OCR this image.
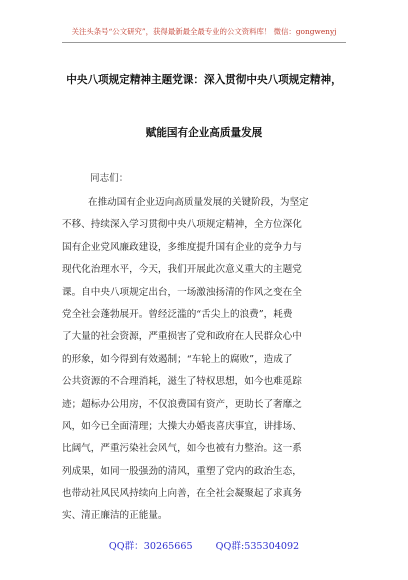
关注头条号“公文研究”，获得最新最全最专业的公文资料库！ 微信：gongwenyj
中央八项规定精神主题党课：深入贯彻中央八项规定精神，
赋能国有企业高质量发展
同志们：
在推动国有企业迈向高质量发展的关键阶段，为坚定
不移、持续深入学习贯彻中央八项规定精神，全方位深化
国有企业党风廉政建设，多维度提升国有企业的竞争力与
现代化治理水平，今天，我们开展此次意义重大的主题党
课。自中央八项规定出台，一场激浊扬清的作风之变在全
党全社会蓬勃展开。曾经泛滥的“舌尖上的浪费”，耗费
了大量的社会资源，严重损害了党和政府在人民群众心中
的形象，如今得到有效遏制；“车轮上的腐败”，造成了
公共资源的不合理消耗，滋生了特权思想，如今也难觅踪
迹；超标办公用房，不仅浪费国有资产，更助长了奢靡之
风，如今已全面清理；大操大办婚丧喜庆事宜，讲排场、
比阔气，严重污染社会风气，如今也被有力整治。这一系
列成果，如同一股强劲的清风，重塑了党内的政治生态，
也带动社风民风持续向上向善，在全社会凝聚起了求真务
实、清正廉洁的正能量。
QQ群：30265665 QQ群:535304092
